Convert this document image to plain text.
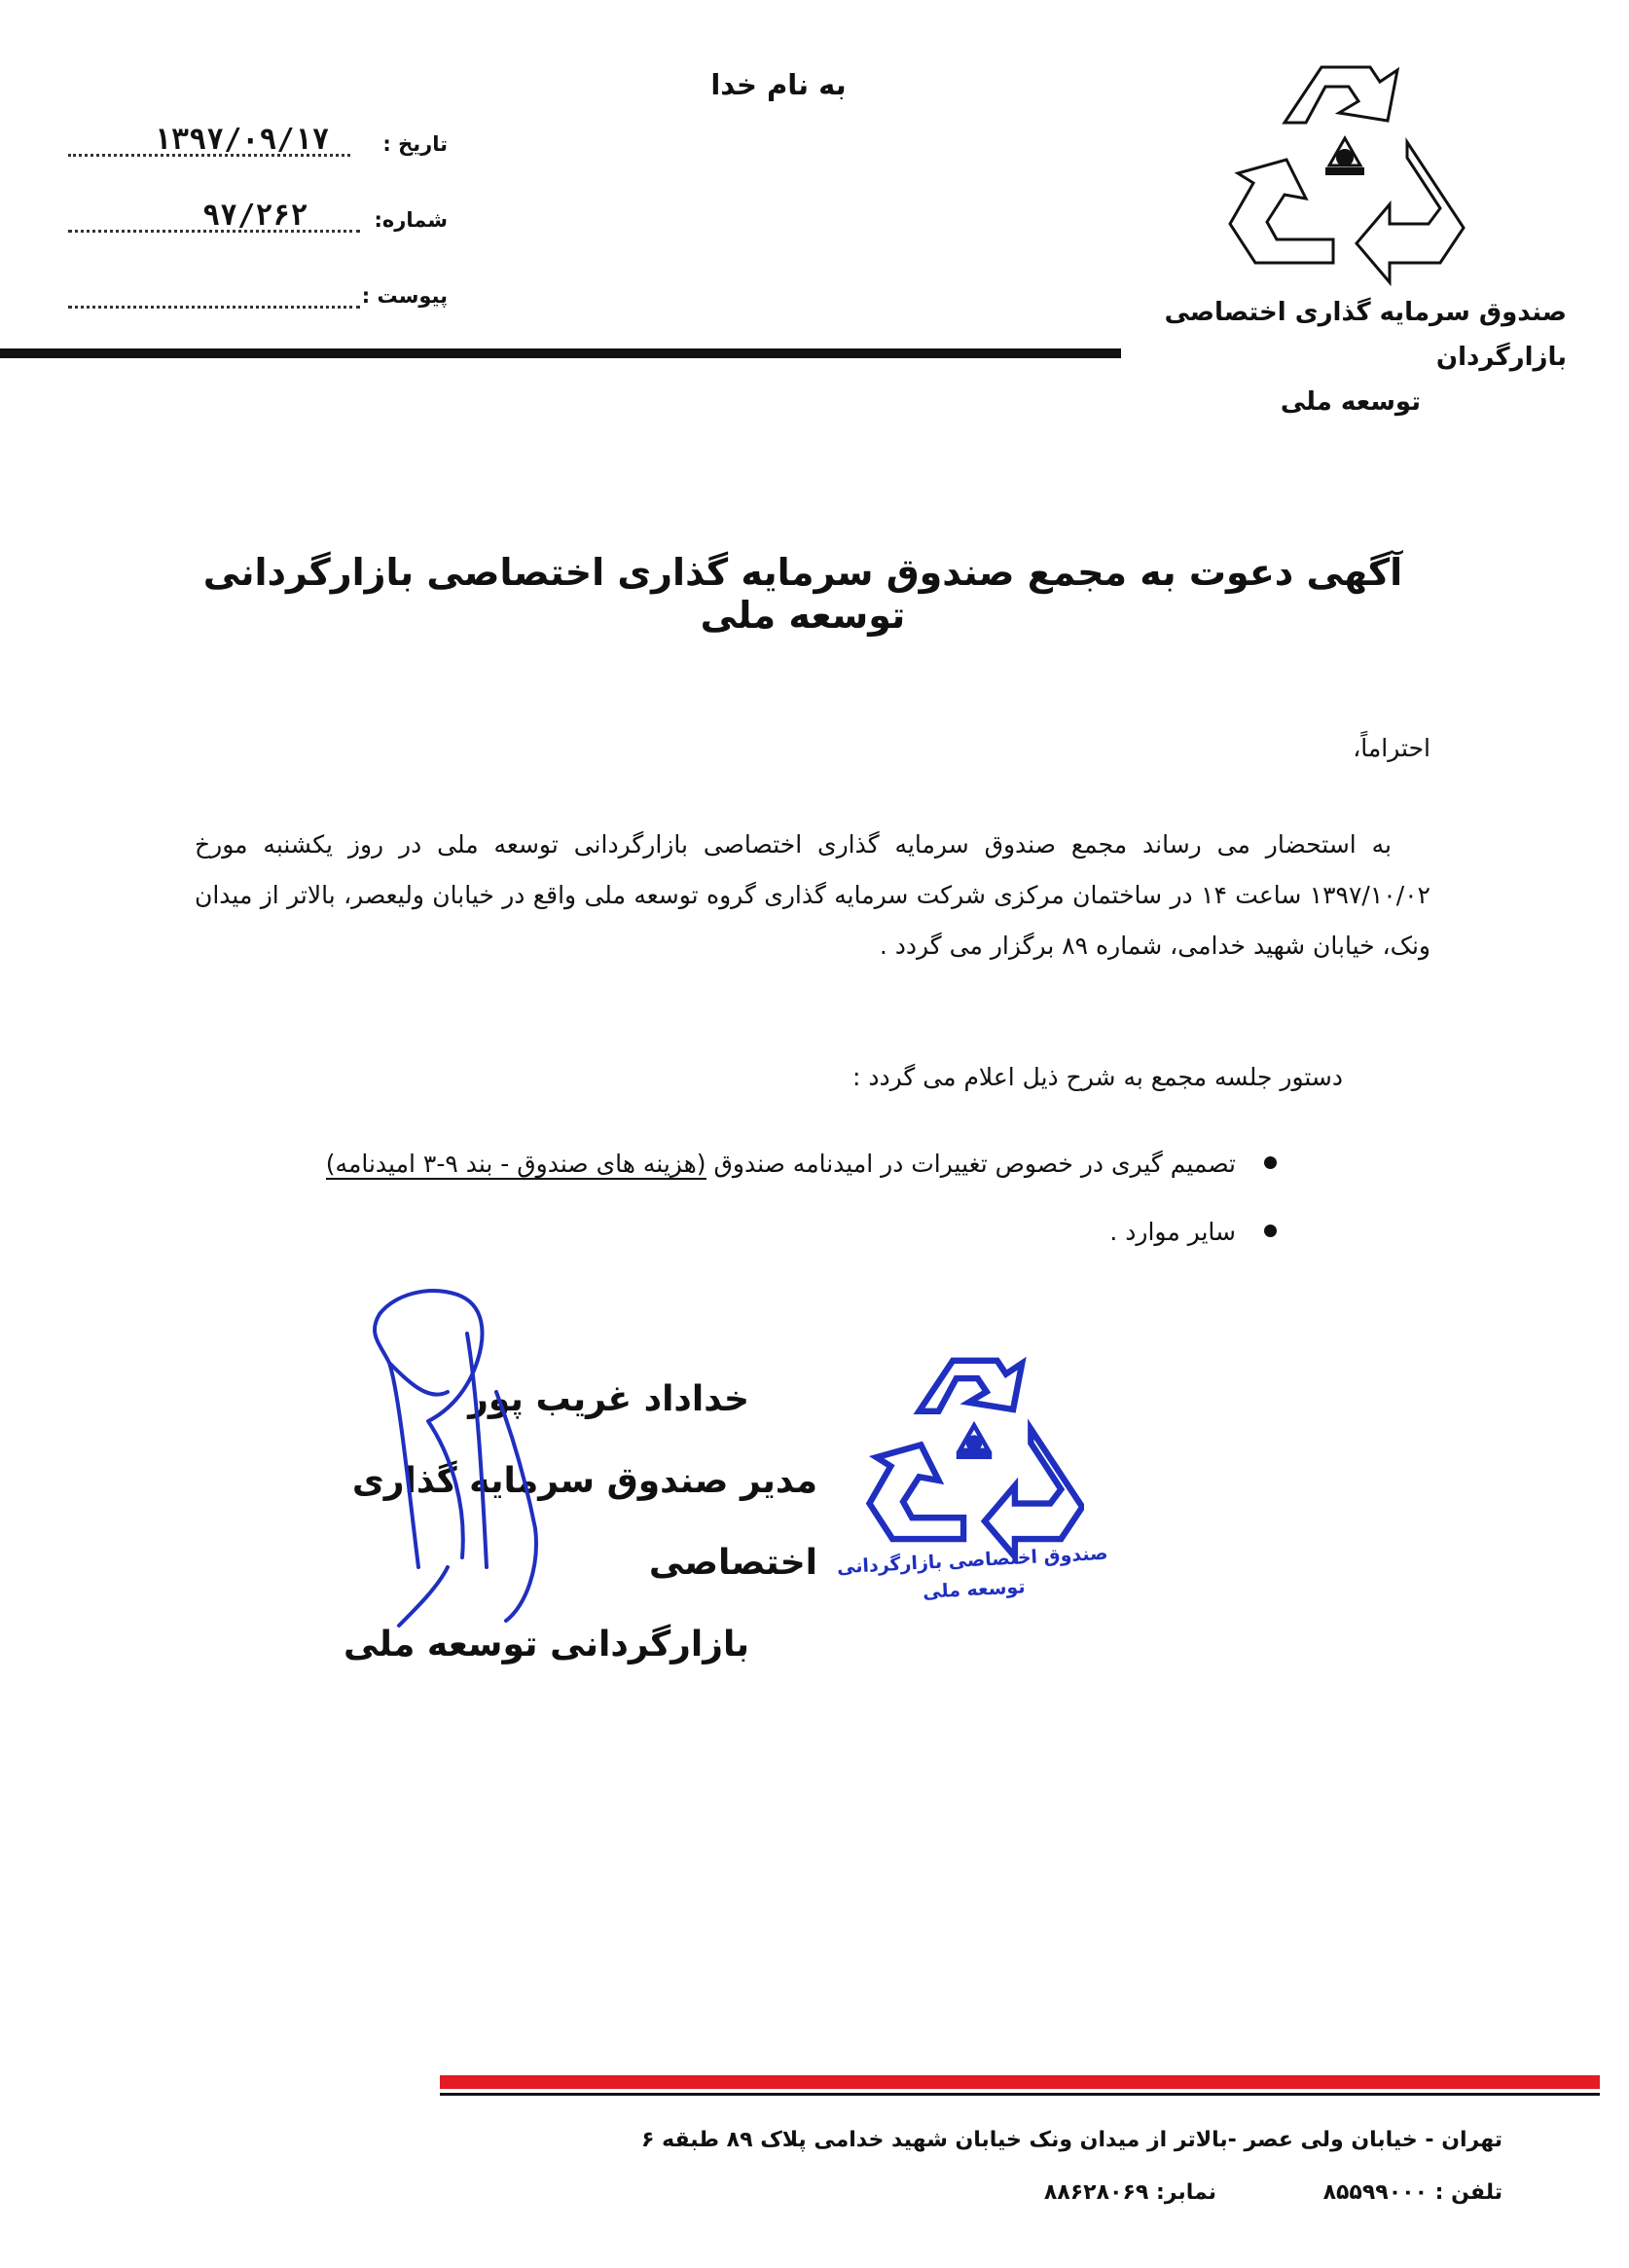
به نام خدا
تاریخ :
۱۳۹۷/۰۹/۱۷
شماره:
۹۷/۲۶۲
پیوست :
صندوق سرمایه گذاری اختصاصی بازارگردان
توسعه ملی
آگهی دعوت به مجمع صندوق سرمایه گذاری اختصاصی بازارگردانی توسعه ملی
احتراماً،
به استحضار می رساند مجمع صندوق سرمایه گذاری اختصاصی بازارگردانی توسعه ملی در روز یکشنبه مورخ ۱۳۹۷/۱۰/۰۲ ساعت ۱۴ در ساختمان مرکزی شرکت سرمایه گذاری گروه توسعه ملی واقع در خیابان ولیعصر، بالاتر از میدان ونک، خیابان شهید خدامی، شماره ۸۹ برگزار می گردد .
دستور جلسه مجمع به شرح ذیل اعلام می گردد :
تصمیم گیری در خصوص تغییرات در امیدنامه صندوق (هزینه های صندوق - بند ۹-۳ امیدنامه)
سایر موارد .
خداداد غریب پور
مدیر صندوق سرمایه گذاری اختصاصی
بازارگردانی توسعه ملی
صندوق اختصاصی بازارگردانی
توسعه ملی
تهران - خیابان ولی عصر -بالاتر از میدان ونک خیابان شهید خدامی پلاک ۸۹ طبقه ۶
تلفن : ۸۵۵۹۹۰۰۰
نمابر: ۸۸۶۲۸۰۶۹
